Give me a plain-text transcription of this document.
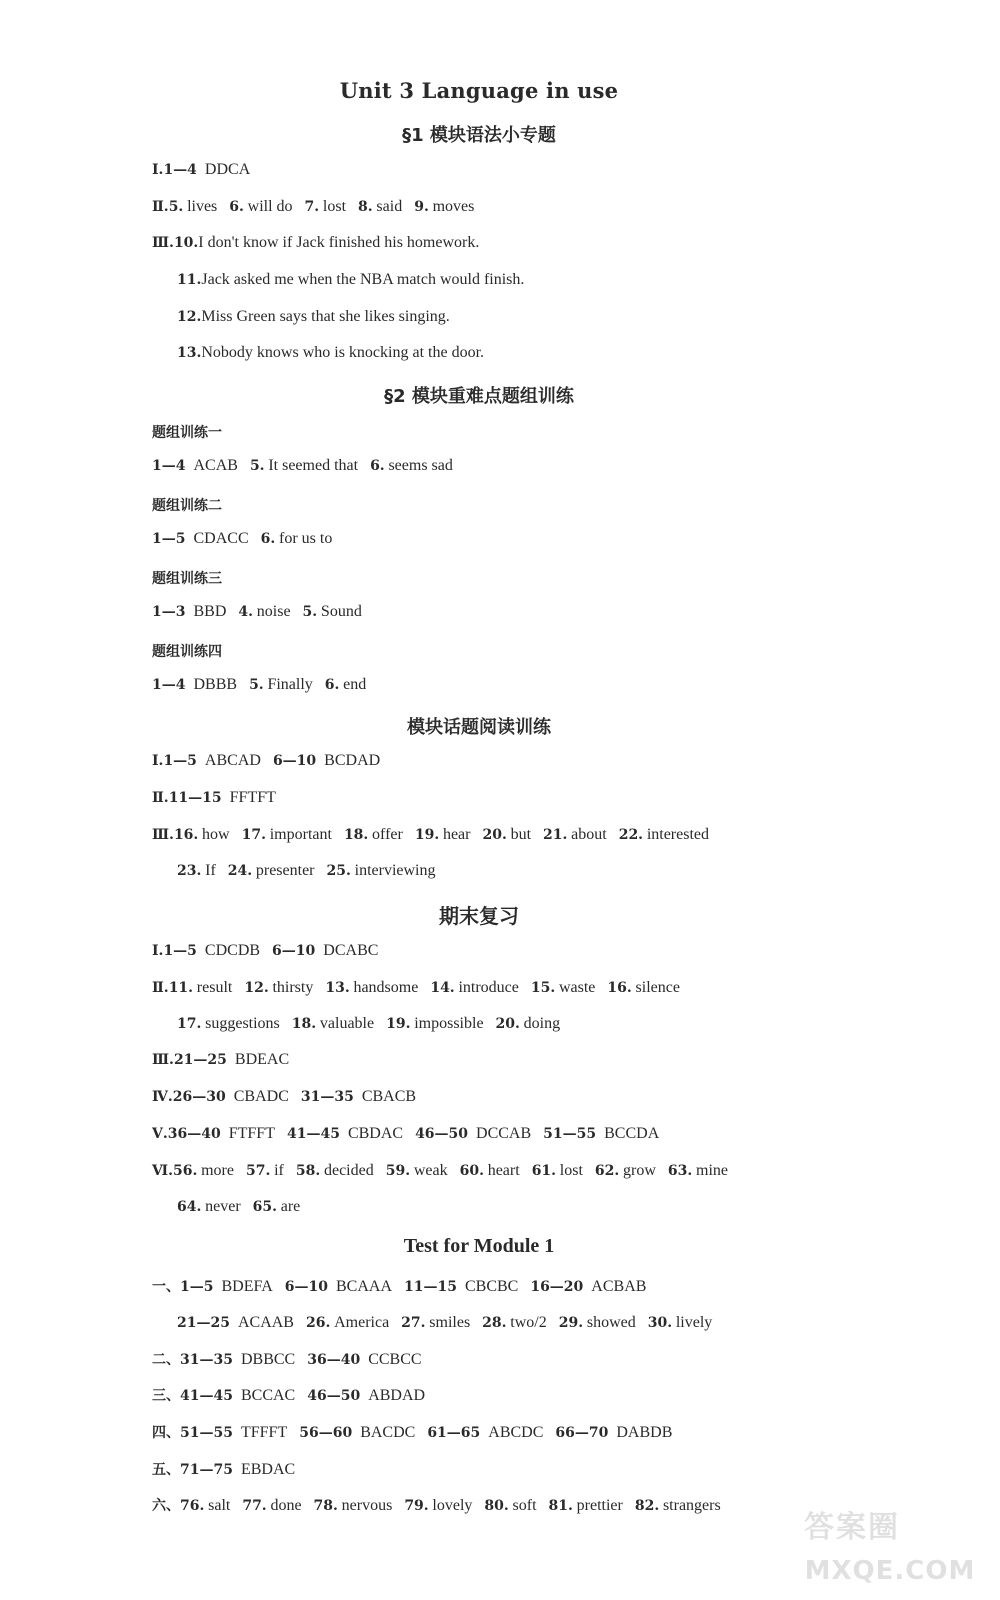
Unit 3 Language in use
§1 模块语法小专题
Ⅰ.1—4 DDCA
Ⅱ.5. lives 6. will do 7. lost 8. said 9. moves
Ⅲ.10.I don't know if Jack finished his homework.
11.Jack asked me when the NBA match would finish.
12.Miss Green says that she likes singing.
13.Nobody knows who is knocking at the door.
§2 模块重难点题组训练
题组训练一
1—4 ACAB 5. It seemed that 6. seems sad
题组训练二
1—5 CDACC 6. for us to
题组训练三
1—3 BBD 4. noise 5. Sound
题组训练四
1—4 DBBB 5. Finally 6. end
模块话题阅读训练
Ⅰ.1—5 ABCAD 6—10 BCDAD
Ⅱ.11—15 FFTFT
Ⅲ.16. how 17. important 18. offer 19. hear 20. but 21. about 22. interested
23. If 24. presenter 25. interviewing
期末复习
Ⅰ.1—5 CDCDB 6—10 DCABC
Ⅱ.11. result 12. thirsty 13. handsome 14. introduce 15. waste 16. silence
17. suggestions 18. valuable 19. impossible 20. doing
Ⅲ.21—25 BDEAC
Ⅳ.26—30 CBADC 31—35 CBACB
Ⅴ.36—40 FTFFT 41—45 CBDAC 46—50 DCCAB 51—55 BCCDA
Ⅵ.56. more 57. if 58. decided 59. weak 60. heart 61. lost 62. grow 63. mine
64. never 65. are
Test for Module 1
一、1—5 BDEFA 6—10 BCAAA 11—15 CBCBC 16—20 ACBAB
21—25 ACAAB 26. America 27. smiles 28. two/2 29. showed 30. lively
二、31—35 DBBCC 36—40 CCBCC
三、41—45 BCCAC 46—50 ABDAD
四、51—55 TFFFT 56—60 BACDC 61—65 ABCDC 66—70 DABDB
五、71—75 EBDAC
六、76. salt 77. done 78. nervous 79. lovely 80. soft 81. prettier 82. strangers
答案圈
MXQE.COM
